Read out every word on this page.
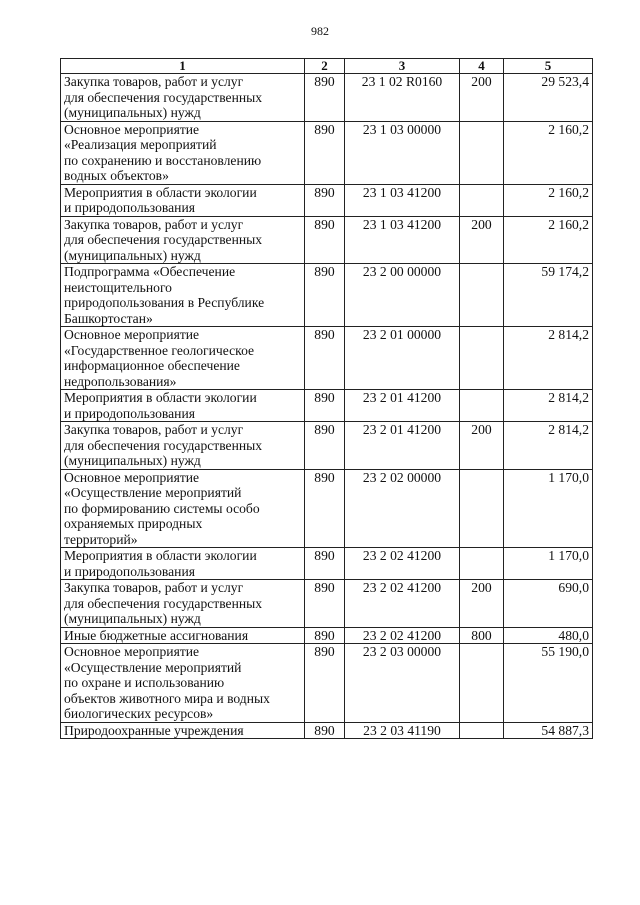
982
1	2	3	4	5
Закупка товаров, работ и услуг
для обеспечения государственных
(муниципальных) нужд	890	23 1 02 R0160	200	29 523,4
Основное мероприятие
«Реализация мероприятий
по сохранению и восстановлению
водных объектов»	890	23 1 03 00000		2 160,2
Мероприятия в области экологии
и природопользования	890	23 1 03 41200		2 160,2
Закупка товаров, работ и услуг
для обеспечения государственных
(муниципальных) нужд	890	23 1 03 41200	200	2 160,2
Подпрограмма «Обеспечение
неистощительного
природопользования в Республике
Башкортостан»	890	23 2 00 00000		59 174,2
Основное мероприятие
«Государственное геологическое
информационное обеспечение
недропользования»	890	23 2 01 00000		2 814,2
Мероприятия в области экологии
и природопользования	890	23 2 01 41200		2 814,2
Закупка товаров, работ и услуг
для обеспечения государственных
(муниципальных) нужд	890	23 2 01 41200	200	2 814,2
Основное мероприятие
«Осуществление мероприятий
по формированию системы особо
охраняемых природных
территорий»	890	23 2 02 00000		1 170,0
Мероприятия в области экологии
и природопользования	890	23 2 02 41200		1 170,0
Закупка товаров, работ и услуг
для обеспечения государственных
(муниципальных) нужд	890	23 2 02 41200	200	690,0
Иные бюджетные ассигнования	890	23 2 02 41200	800	480,0
Основное мероприятие
«Осуществление мероприятий
по охране и использованию
объектов животного мира и водных
биологических ресурсов»	890	23 2 03 00000		55 190,0
Природоохранные учреждения	890	23 2 03 41190		54 887,3
